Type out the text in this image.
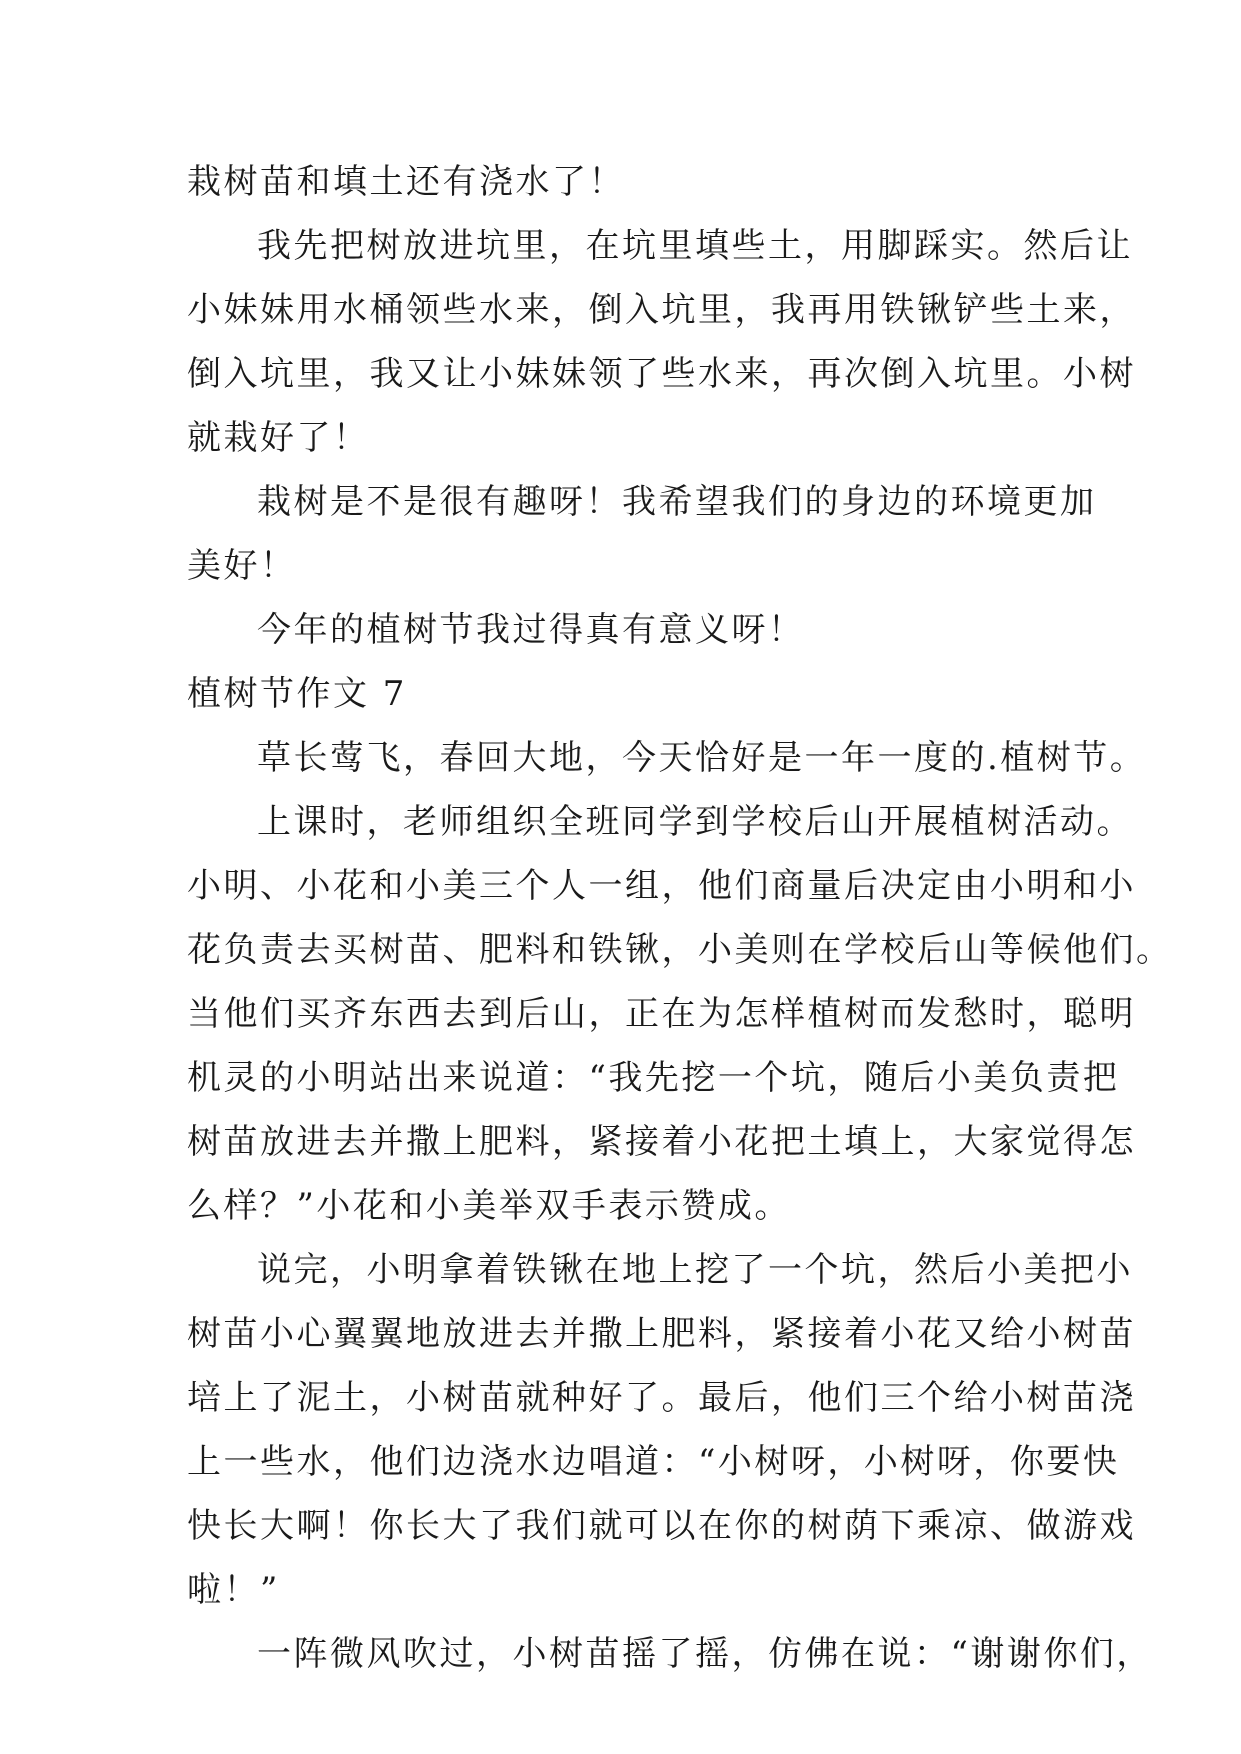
栽树苗和填土还有浇水了！
我先把树放进坑里，在坑里填些土，用脚踩实。然后让
小妹妹用水桶领些水来，倒入坑里，我再用铁锹铲些土来，
倒入坑里，我又让小妹妹领了些水来，再次倒入坑里。小树
就栽好了！
栽树是不是很有趣呀！我希望我们的身边的环境更加
美好！
今年的植树节我过得真有意义呀！
植树节作文 7
草长莺飞，春回大地，今天恰好是一年一度的.植树节。
上课时，老师组织全班同学到学校后山开展植树活动。
小明、小花和小美三个人一组，他们商量后决定由小明和小
花负责去买树苗、肥料和铁锹，小美则在学校后山等候他们。
当他们买齐东西去到后山，正在为怎样植树而发愁时，聪明
机灵的小明站出来说道：“我先挖一个坑，随后小美负责把
树苗放进去并撒上肥料，紧接着小花把土填上，大家觉得怎
么样？”小花和小美举双手表示赞成。
说完，小明拿着铁锹在地上挖了一个坑，然后小美把小
树苗小心翼翼地放进去并撒上肥料，紧接着小花又给小树苗
培上了泥土，小树苗就种好了。最后，他们三个给小树苗浇
上一些水，他们边浇水边唱道：“小树呀，小树呀，你要快
快长大啊！你长大了我们就可以在你的树荫下乘凉、做游戏
啦！”
一阵微风吹过，小树苗摇了摇，仿佛在说：“谢谢你们，
